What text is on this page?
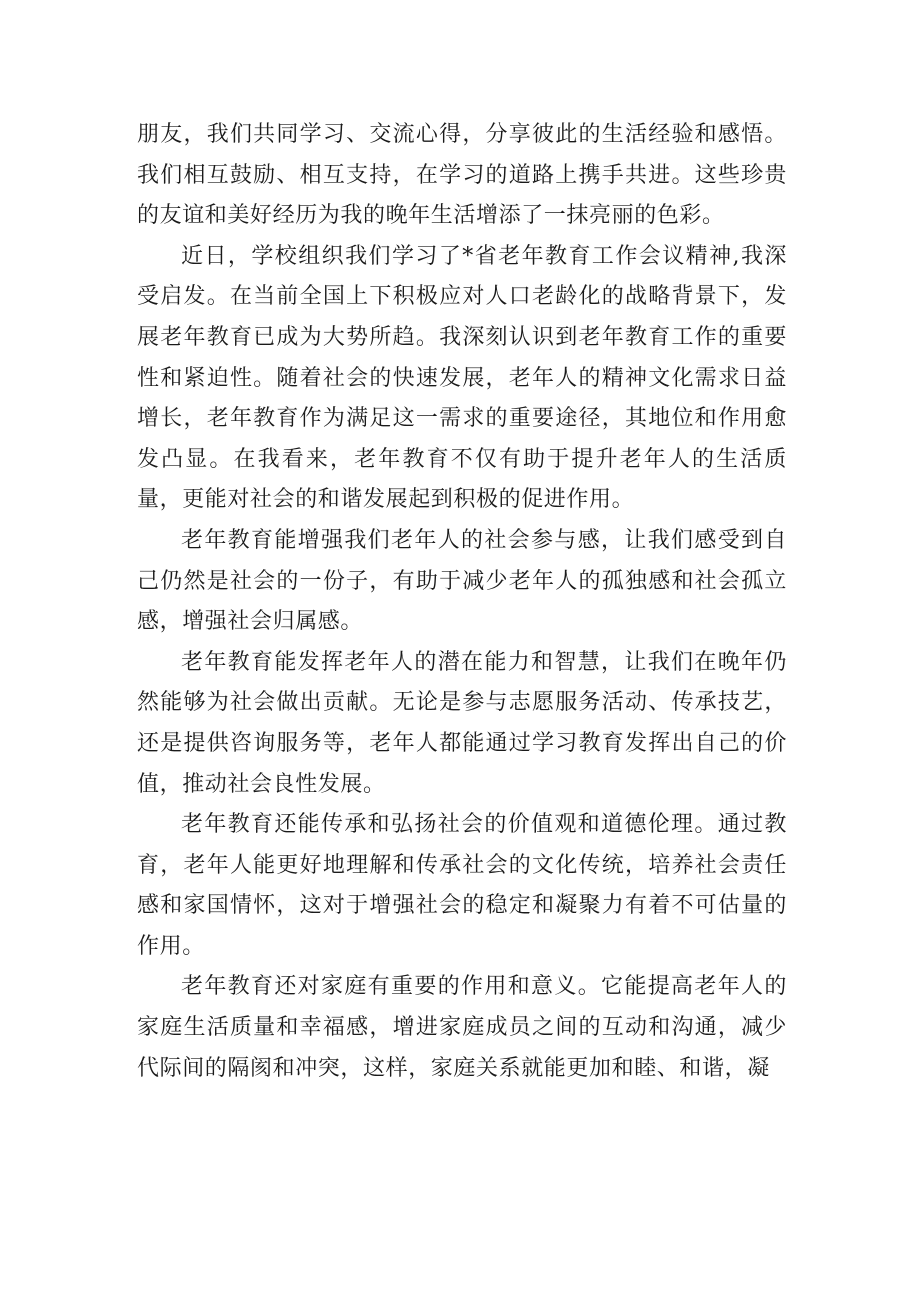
朋友，我们共同学习、交流心得，分享彼此的生活经验和感悟。我们相互鼓励、相互支持，在学习的道路上携手共进。这些珍贵的友谊和美好经历为我的晚年生活增添了一抹亮丽的色彩。

近日，学校组织我们学习了*省老年教育工作会议精神,我深受启发。在当前全国上下积极应对人口老龄化的战略背景下，发展老年教育已成为大势所趋。我深刻认识到老年教育工作的重要性和紧迫性。随着社会的快速发展，老年人的精神文化需求日益增长，老年教育作为满足这一需求的重要途径，其地位和作用愈发凸显。在我看来，老年教育不仅有助于提升老年人的生活质量，更能对社会的和谐发展起到积极的促进作用。

老年教育能增强我们老年人的社会参与感，让我们感受到自己仍然是社会的一份子，有助于减少老年人的孤独感和社会孤立感，增强社会归属感。

老年教育能发挥老年人的潜在能力和智慧，让我们在晚年仍然能够为社会做出贡献。无论是参与志愿服务活动、传承技艺，还是提供咨询服务等，老年人都能通过学习教育发挥出自己的价值，推动社会良性发展。

老年教育还能传承和弘扬社会的价值观和道德伦理。通过教育，老年人能更好地理解和传承社会的文化传统，培养社会责任感和家国情怀，这对于增强社会的稳定和凝聚力有着不可估量的作用。

老年教育还对家庭有重要的作用和意义。它能提高老年人的家庭生活质量和幸福感，增进家庭成员之间的互动和沟通，减少代际间的隔阂和冲突，这样，家庭关系就能更加和睦、和谐，凝
